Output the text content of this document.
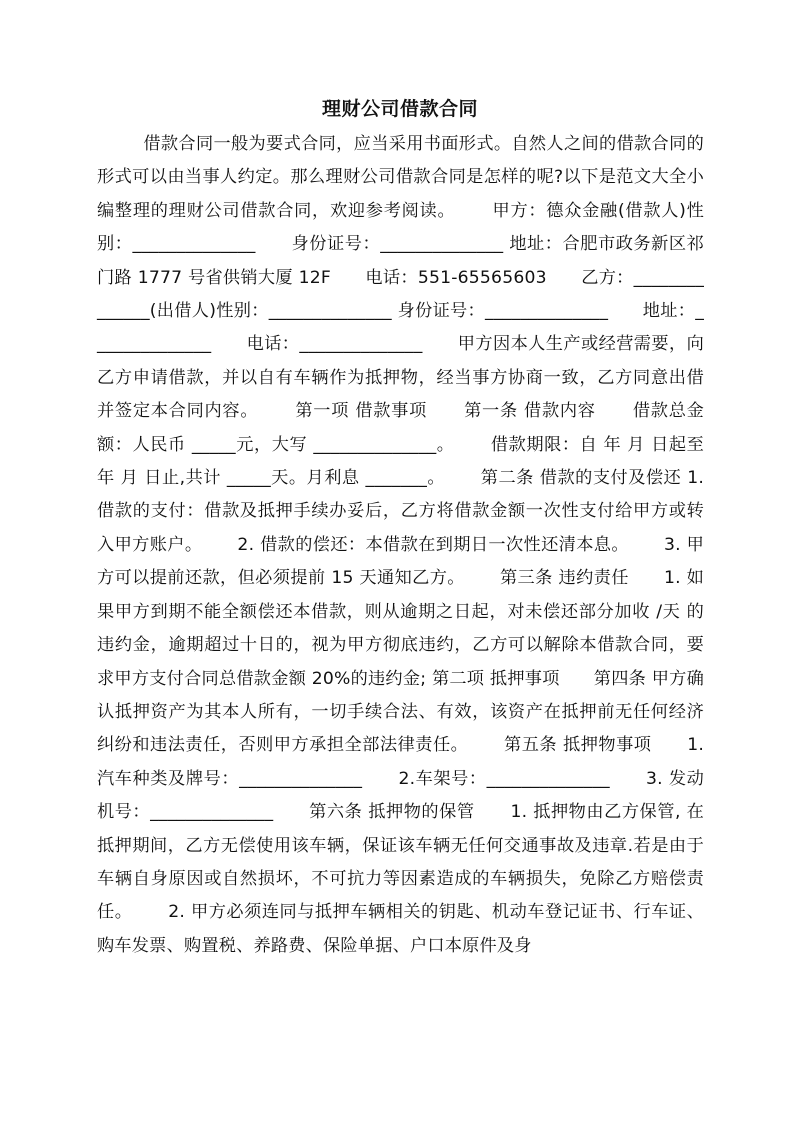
理财公司借款合同
借款合同一般为要式合同，应当采用书面形式。自然人之间的借款合同的形式可以由当事人约定。那么理财公司借款合同是怎样的呢?以下是范文大全小编整理的理财公司借款合同，欢迎参考阅读。      甲方：德众金融(借款人)性别：______________      身份证号：______________ 地址：合肥市政务新区祁门路 1777 号省供销大厦 12F      电话：551-65565603      乙方：______________(出借人)性别：______________ 身份证号：______________      地址：______________      电话：______________      甲方因本人生产或经营需要，向乙方申请借款，并以自有车辆作为抵押物，经当事方协商一致，乙方同意出借并签定本合同内容。      第一项 借款事项      第一条 借款内容      借款总金额：人民币 _____元，大写 ______________。      借款期限：自 年 月 日起至 年 月 日止,共计 _____天。月利息 _______。      第二条 借款的支付及偿还 1. 借款的支付：借款及抵押手续办妥后，乙方将借款金额一次性支付给甲方或转入甲方账户。      2. 借款的偿还：本借款在到期日一次性还清本息。      3. 甲方可以提前还款，但必须提前 15 天通知乙方。      第三条 违约责任      1. 如果甲方到期不能全额偿还本借款，则从逾期之日起，对未偿还部分加收 /天 的违约金，逾期超过十日的，视为甲方彻底违约，乙方可以解除本借款合同，要求甲方支付合同总借款金额 20%的违约金; 第二项 抵押事项      第四条 甲方确认抵押资产为其本人所有，一切手续合法、有效，该资产在抵押前无任何经济纠纷和违法责任，否则甲方承担全部法律责任。      第五条 抵押物事项      1.汽车种类及牌号：______________      2.车架号：______________      3. 发动机号：______________      第六条 抵押物的保管      1. 抵押物由乙方保管, 在抵押期间，乙方无偿使用该车辆，保证该车辆无任何交通事故及违章.若是由于车辆自身原因或自然损坏，不可抗力等因素造成的车辆损失，免除乙方赔偿责任。      2. 甲方必须连同与抵押车辆相关的钥匙、机动车登记证书、行车证、购车发票、购置税、养路费、保险单据、户口本原件及身
